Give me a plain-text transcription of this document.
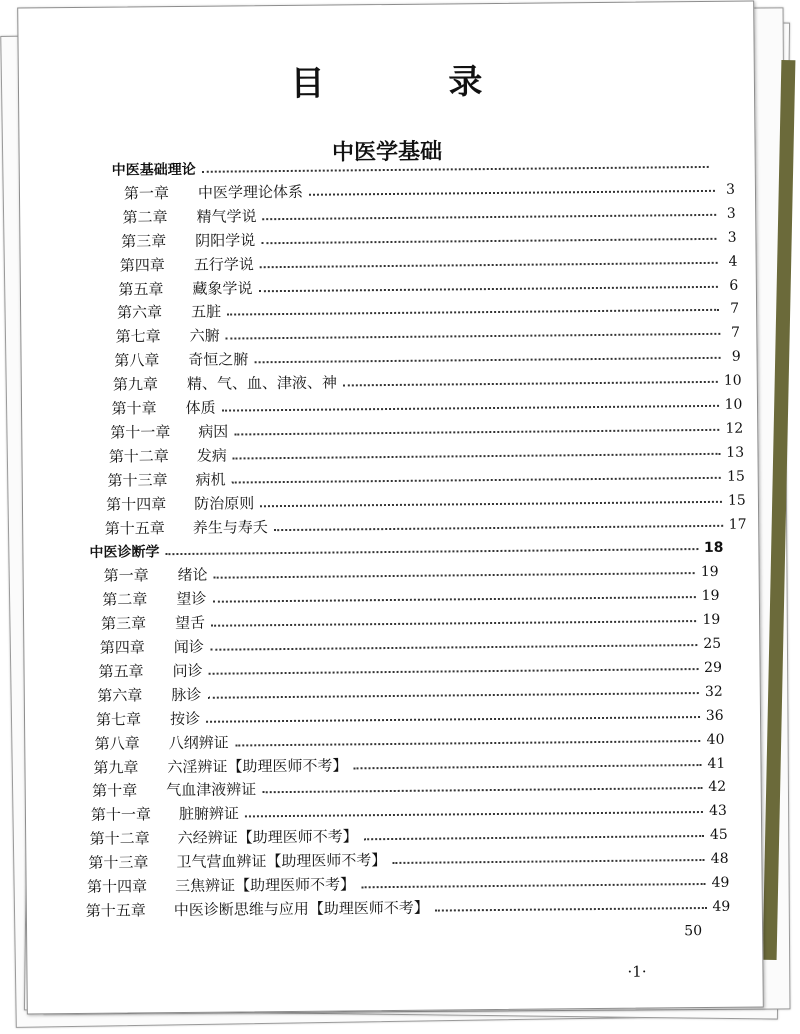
目 录
中医学基础
中医基础理论
第一章	中医学理论体系	3
第二章	精气学说	3
第三章	阴阳学说	3
第四章	五行学说	4
第五章	藏象学说	6
第六章	五脏	7
第七章	六腑	7
第八章	奇恒之腑	9
第九章	精、气、血、津液、神	10
第十章	体质	10
第十一章	病因	12
第十二章	发病	13
第十三章	病机	15
第十四章	防治原则	15
第十五章	养生与寿夭	17
中医诊断学	18
第一章	绪论	19
第二章	望诊	19
第三章	望舌	19
第四章	闻诊	25
第五章	问诊	29
第六章	脉诊	32
第七章	按诊	36
第八章	八纲辨证	40
第九章	六淫辨证【助理医师不考】	41
第十章	气血津液辨证	42
第十一章	脏腑辨证	43
第十二章	六经辨证【助理医师不考】	45
第十三章	卫气营血辨证【助理医师不考】	48
第十四章	三焦辨证【助理医师不考】	49
第十五章	中医诊断思维与应用【助理医师不考】	49
50
·1·
